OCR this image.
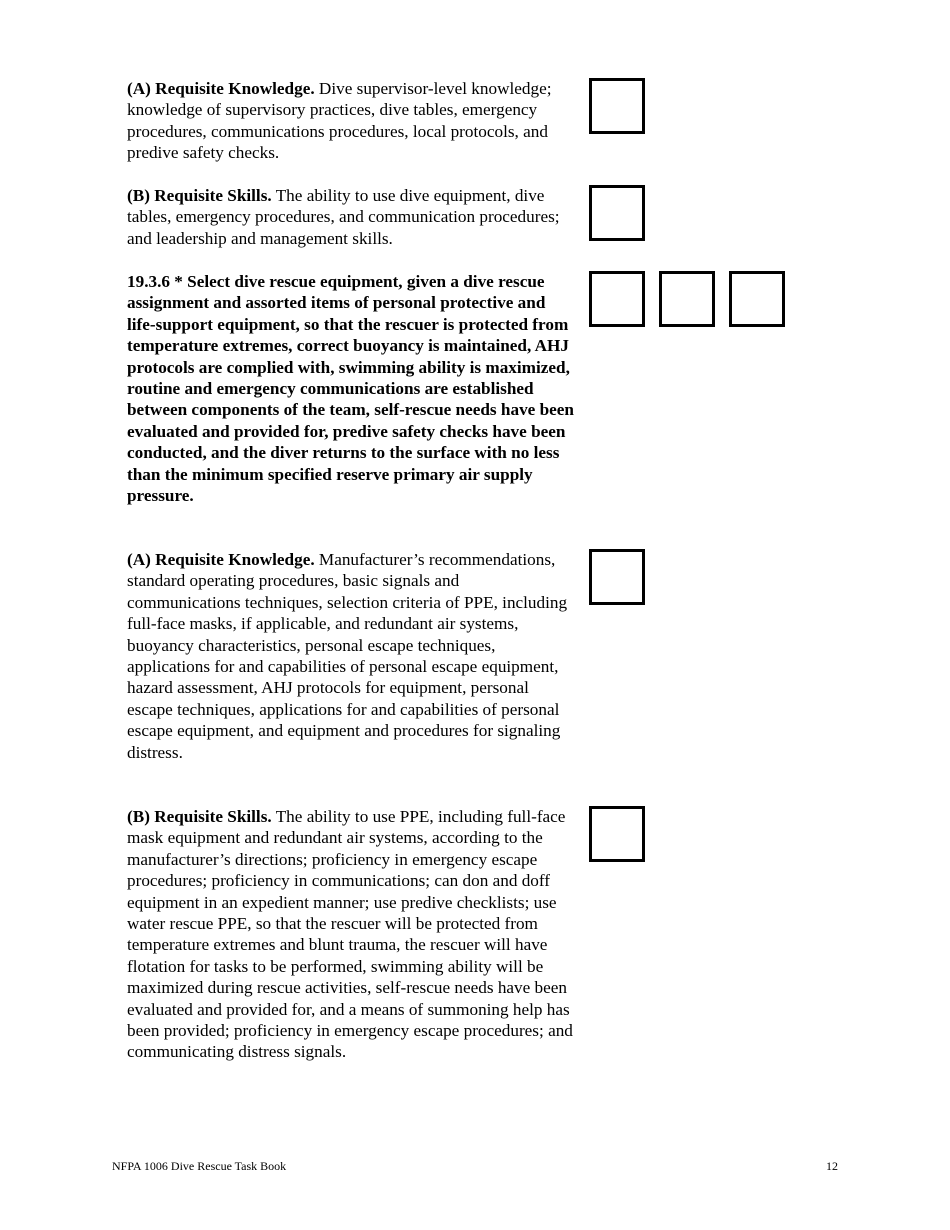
(A) Requisite Knowledge. Dive supervisor-level knowledge; knowledge of supervisory practices, dive tables, emergency procedures, communications procedures, local protocols, and predive safety checks.

(B) Requisite Skills. The ability to use dive equipment, dive tables, emergency procedures, and communication procedures; and leadership and management skills.

19.3.6 * Select dive rescue equipment, given a dive rescue assignment and assorted items of personal protective and life-support equipment, so that the rescuer is protected from temperature extremes, correct buoyancy is maintained, AHJ protocols are complied with, swimming ability is maximized, routine and emergency communications are established between components of the team, self-rescue needs have been evaluated and provided for, predive safety checks have been conducted, and the diver returns to the surface with no less than the minimum specified reserve primary air supply pressure.

(A) Requisite Knowledge. Manufacturer’s recommendations, standard operating procedures, basic signals and communications techniques, selection criteria of PPE, including full-face masks, if applicable, and redundant air systems, buoyancy characteristics, personal escape techniques, applications for and capabilities of personal escape equipment, hazard assessment, AHJ protocols for equipment, personal escape techniques, applications for and capabilities of personal escape equipment, and equipment and procedures for signaling distress.

(B) Requisite Skills. The ability to use PPE, including full-face mask equipment and redundant air systems, according to the manufacturer’s directions; proficiency in emergency escape procedures; proficiency in communications; can don and doff equipment in an expedient manner; use predive checklists; use water rescue PPE, so that the rescuer will be protected from temperature extremes and blunt trauma, the rescuer will have flotation for tasks to be performed, swimming ability will be maximized during rescue activities, self-rescue needs have been evaluated and provided for, and a means of summoning help has been provided; proficiency in emergency escape procedures; and communicating distress signals.

NFPA 1006 Dive Rescue Task Book	12
